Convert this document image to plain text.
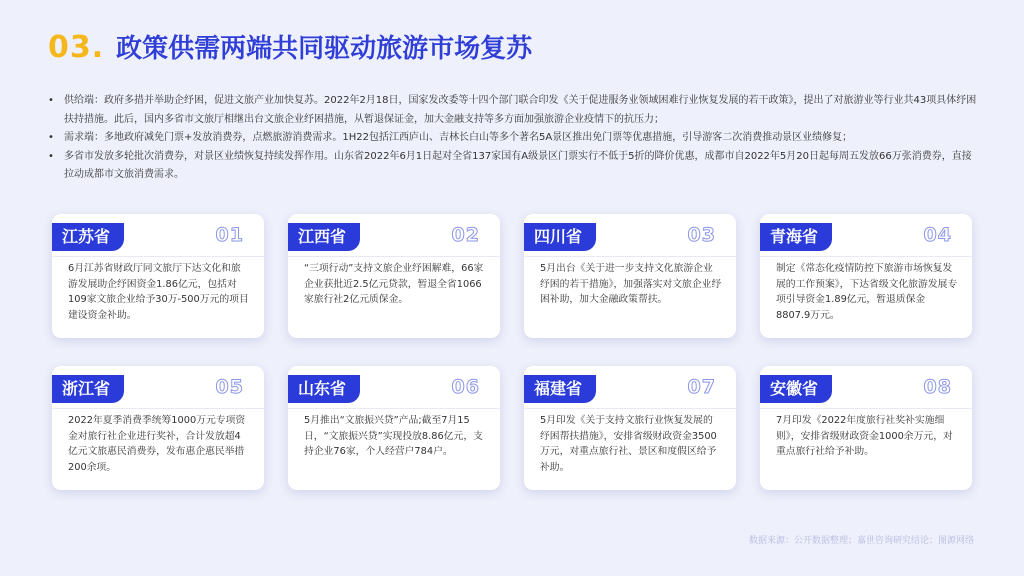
03. 政策供需两端共同驱动旅游市场复苏
• 供给端：政府多措并举助企纾困，促进文旅产业加快复苏。2022年2月18日，国家发改委等十四个部门联合印发《关于促进服务业领域困难行业恢复发展的若干政策》，提出了对旅游业等行业共43项具体纾困扶持措施。此后，国内多省市文旅厅相继出台文旅企业纾困措施，从暂退保证金，加大金融支持等多方面加强旅游企业疫情下的抗压力；
• 需求端：多地政府减免门票+发放消费券，点燃旅游消费需求。1H22包括江西庐山、吉林长白山等多个著名5A景区推出免门票等优惠措施，引导游客二次消费推动景区业绩修复；
• 多省市发放多轮批次消费券，对景区业绩恢复持续发挥作用。山东省2022年6月1日起对全省137家国有A级景区门票实行不低于5折的降价优惠，成都市自2022年5月20日起每周五发放66万张消费券，直接拉动成都市文旅消费需求。
江苏省	01
6月江苏省财政厅同文旅厅下达文化和旅游发展助企纾困资金1.86亿元，包括对109家文旅企业给予30万-500万元的项目建设资金补助。
江西省	02
“三项行动”支持文旅企业纾困解难，66家企业获批近2.5亿元贷款，暂退全省1066家旅行社2亿元质保金。
四川省	03
5月出台《关于进一步支持文化旅游企业纾困的若干措施》，加强落实对文旅企业纾困补助，加大金融政策帮扶。
青海省	04
制定《常态化疫情防控下旅游市场恢复发展的工作预案》，下达省级文化旅游发展专项引导资金1.89亿元，暂退质保金8807.9万元。
浙江省	05
2022年夏季消费季统筹1000万元专项资金对旅行社企业进行奖补，合计发放超4亿元文旅惠民消费券，发布惠企惠民举措200余项。
山东省	06
5月推出“文旅振兴贷”产品;截至7月15日，“文旅振兴贷”实现投放8.86亿元，支持企业76家，个人经营户784户。
福建省	07
5月印发《关于支持文旅行业恢复发展的纾困帮扶措施》，安排省级财政资金3500万元，对重点旅行社、景区和度假区给予补助。
安徽省	08
7月印发《2022年度旅行社奖补实施细则》，安排省级财政资金1000余万元，对重点旅行社给予补助。
数据来源：公开数据整理；嘉世咨询研究结论；图源网络
